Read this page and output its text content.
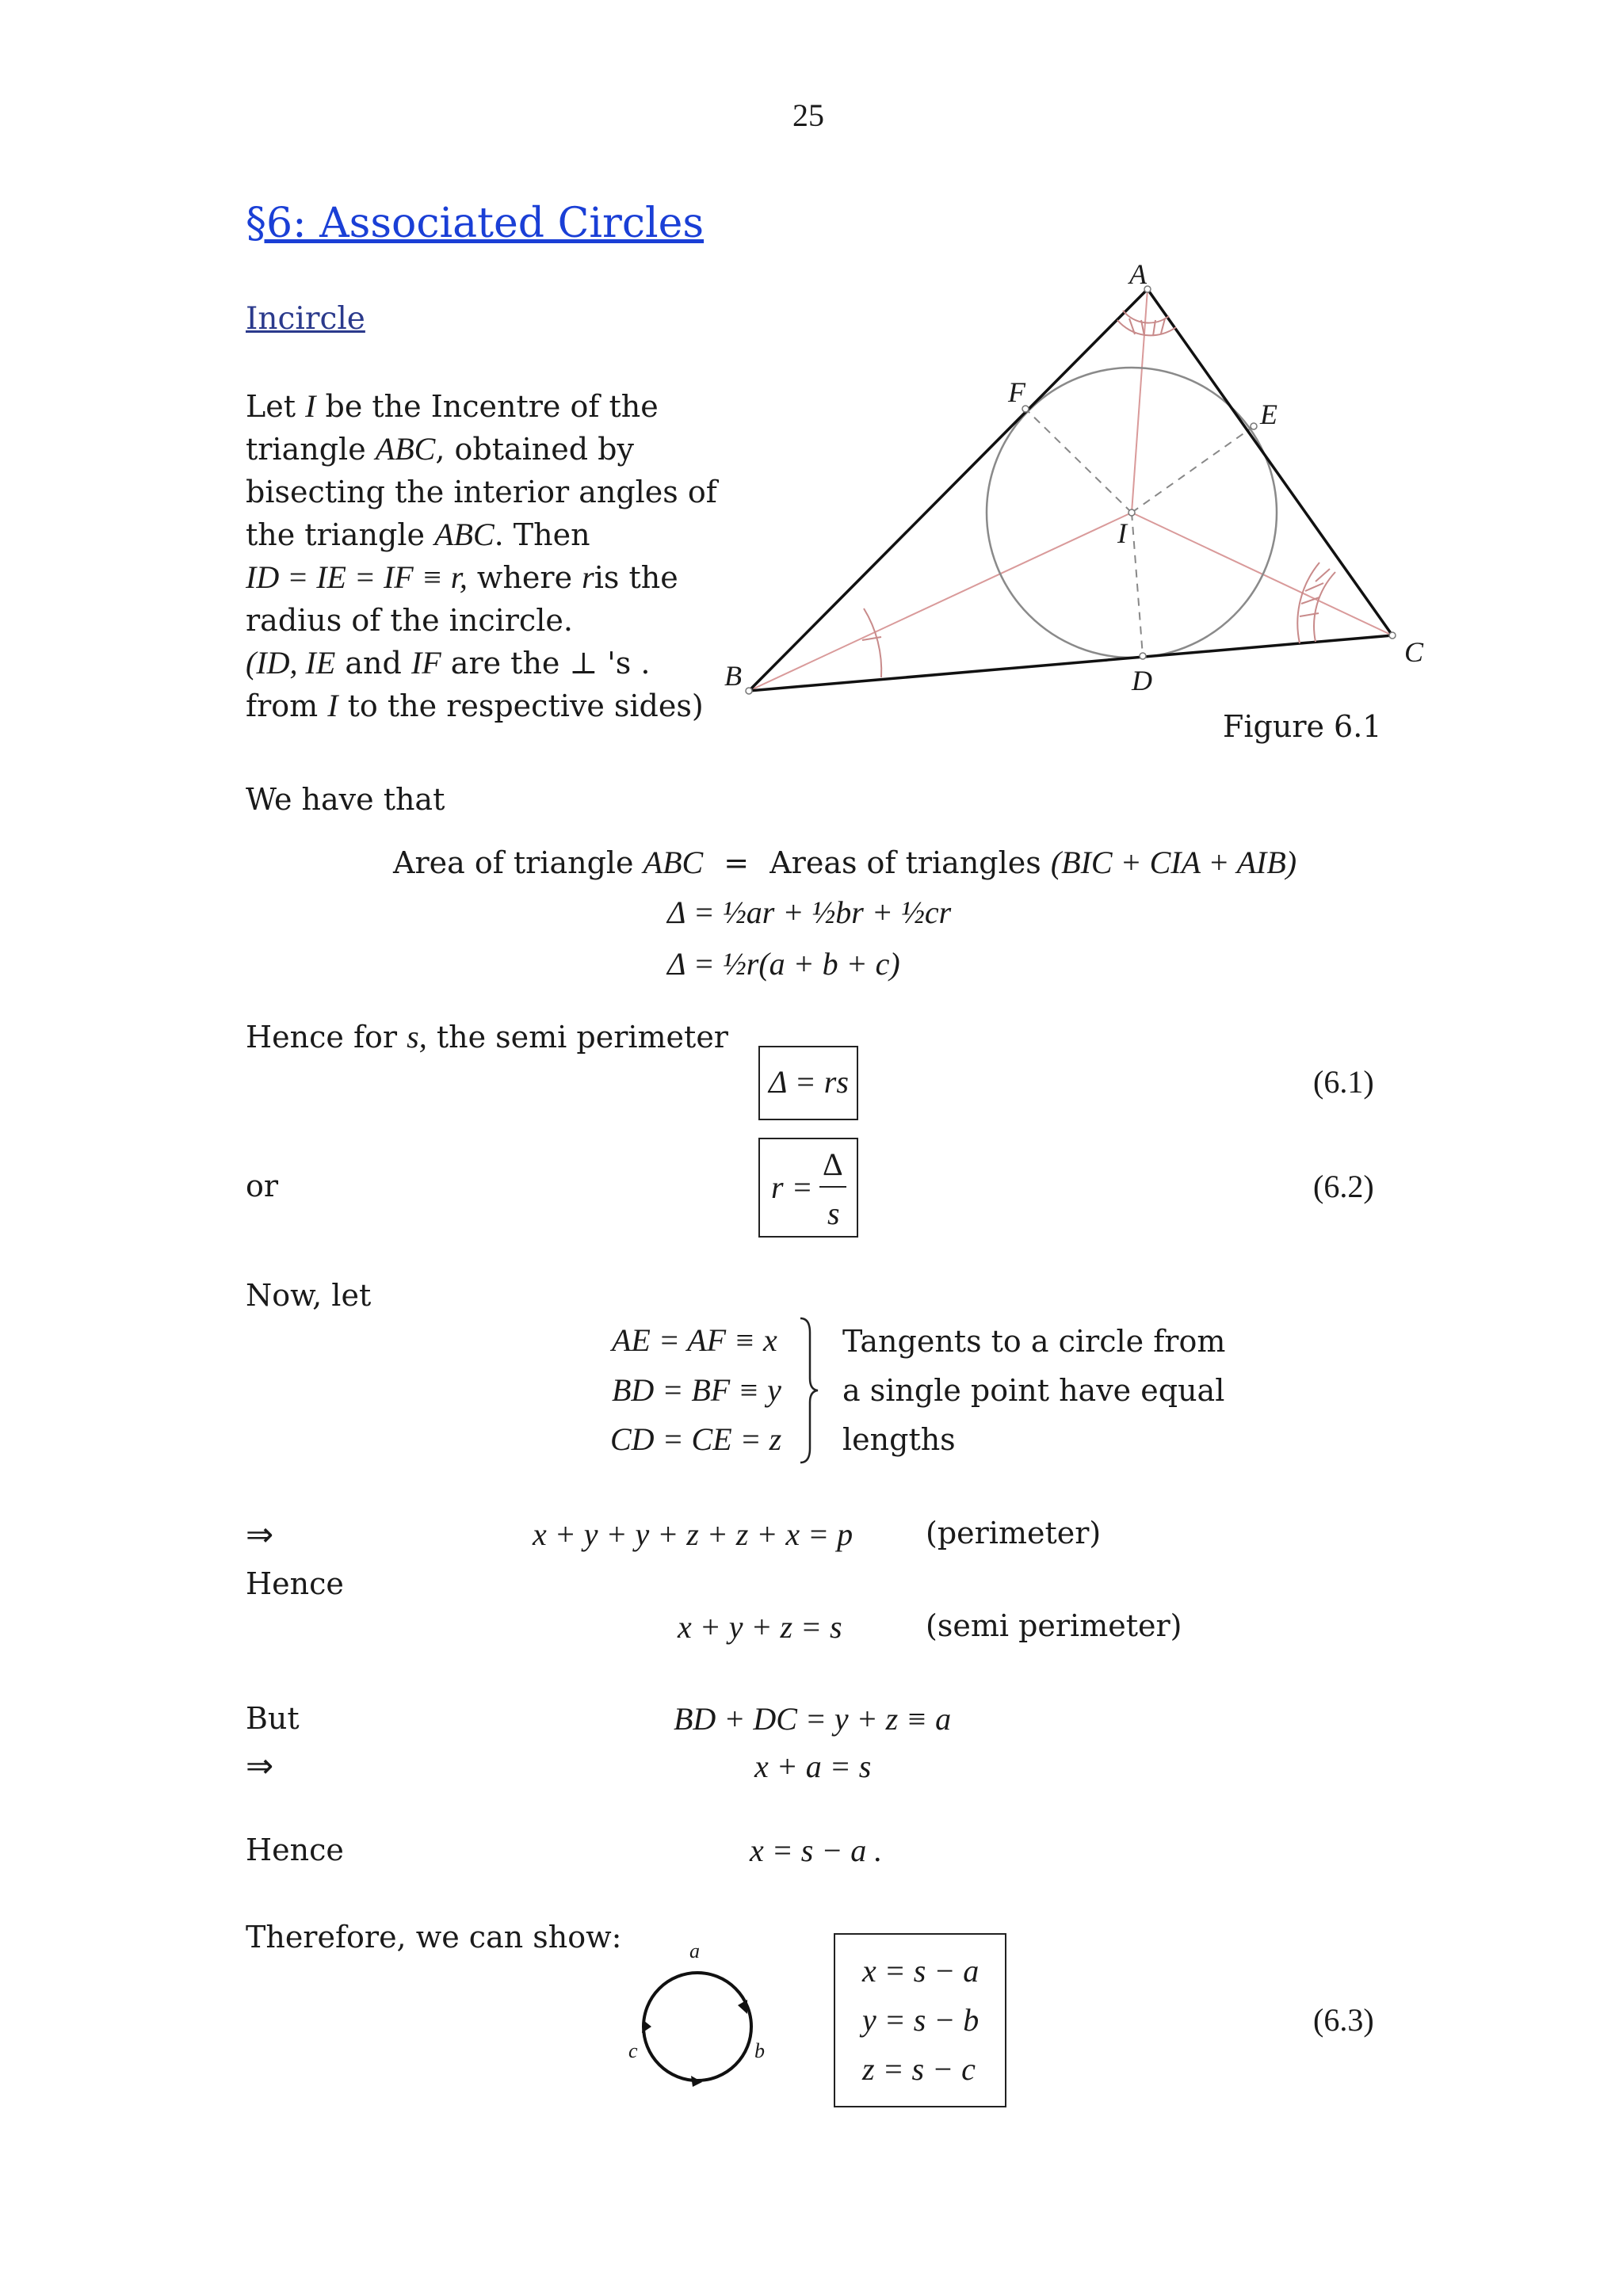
25
§6: Associated Circles
Incircle
Let I be the Incentre of the
triangle ABC, obtained by
bisecting the interior angles of
the triangle ABC. Then
ID = IE = IF ≡ r, where ris the
radius of the incircle.
(ID, IE and IF are the ⊥ 's .
from I to the respective sides)
A
F
E
I
B	D
C
Figure 6.1
We have that
Area of triangle ABC = Areas of triangles (BIC + CIA + AIB)
Δ = ½ar + ½br + ½cr
Δ = ½r(a + b + c)
Hence for s, the semi perimeter
Δ = rs	(6.1)
or	r =
Δ
s
(6.2)
Now, let
AE = AF ≡ x
BD = BF ≡ y
CD = CE = z
Tangents to a circle from
a single point have equal
lengths
⇒	x + y + y + z + z + x = p (perimeter)
Hence
x + y + z = s	(semi perimeter)
But	BD + DC = y + z ≡ a
⇒	x + a = s
Hence	x = s − a .
Therefore, we can show:	a
b
c
x = s − a
y = s − b
z = s − c
(6.3)
